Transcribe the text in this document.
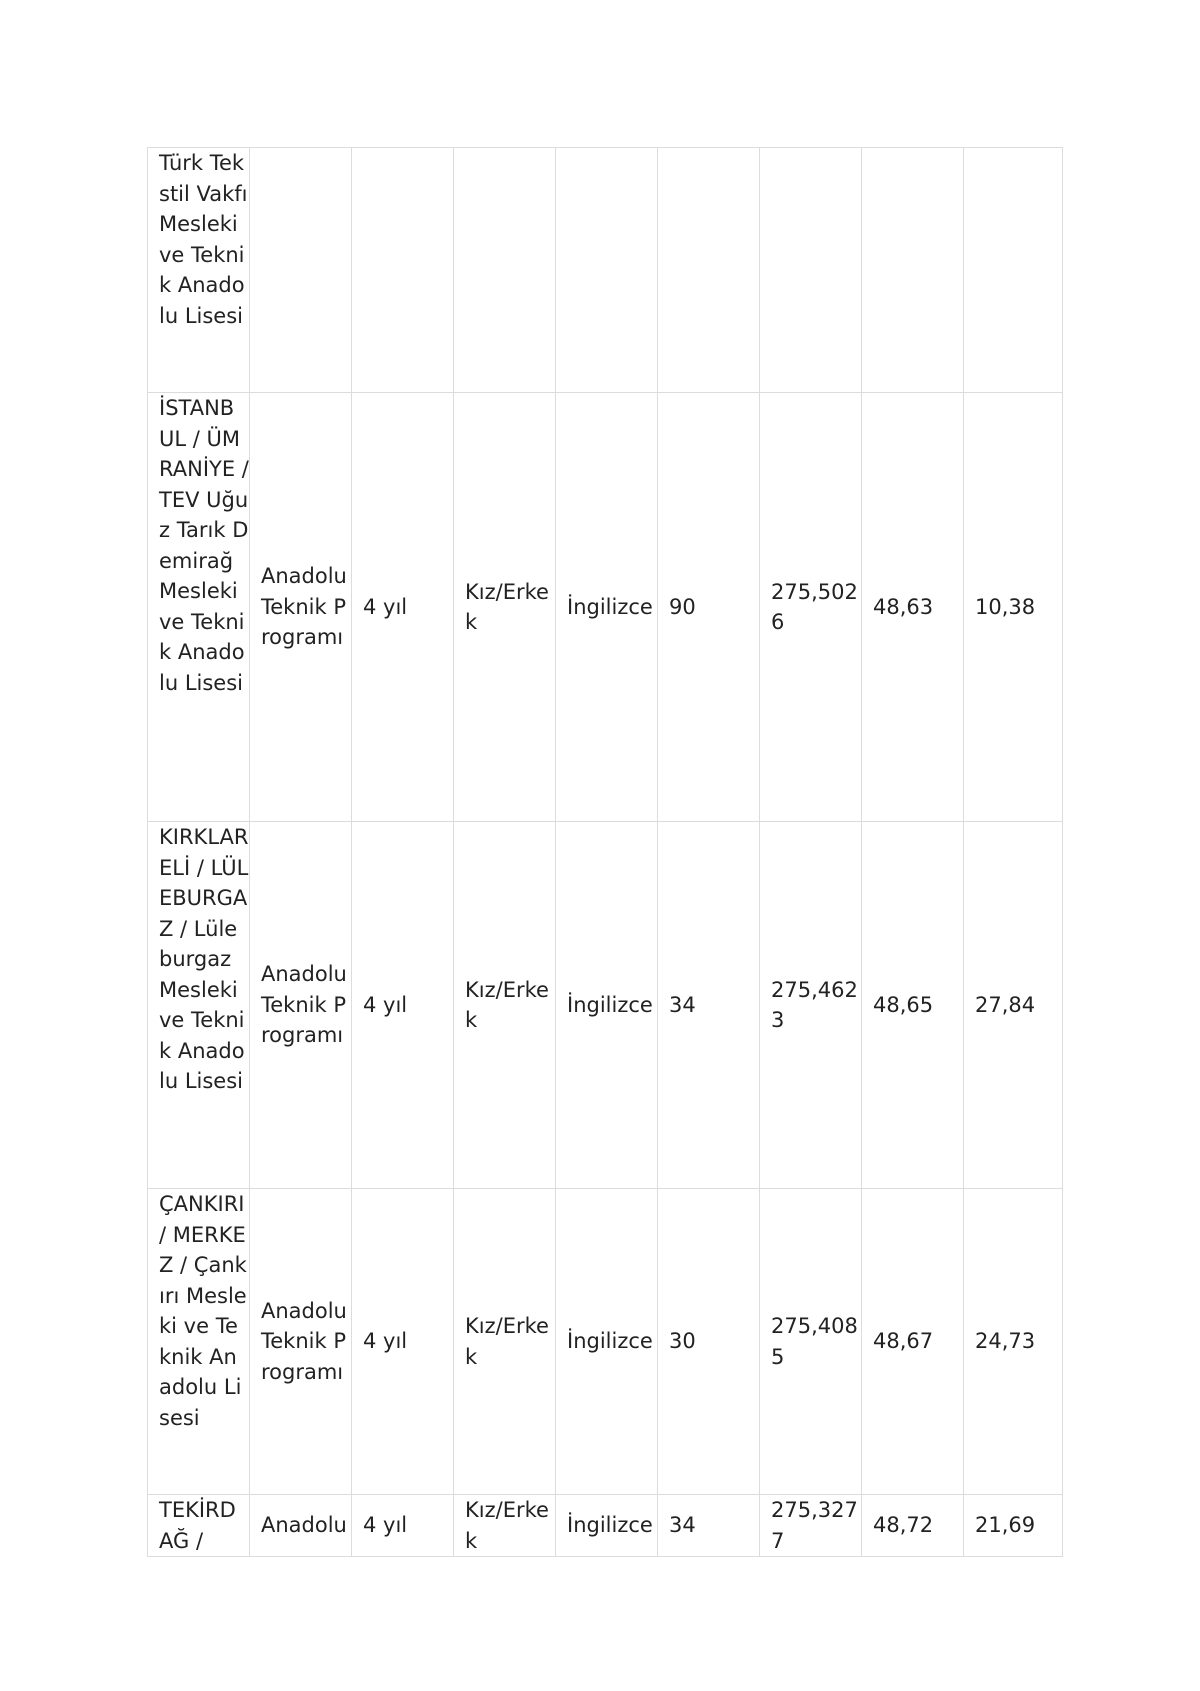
Türk Tekstil Vakfı Mesleki ve Teknik Anadolu Lisesi								
İSTANBUL / ÜMRANİYE / TEV Uğuz Tarık Demirağ Mesleki ve Teknik Anadolu Lisesi	Anadolu Teknik Programı	4 yıl	Kız/Erkek	İngilizce	90	275,5026	48,63	10,38
KIRKLARELİ / LÜLEBURGAZ / Lüleburgaz Mesleki ve Teknik Anadolu Lisesi	Anadolu Teknik Programı	4 yıl	Kız/Erkek	İngilizce	34	275,4623	48,65	27,84
ÇANKIRI / MERKEZ / Çankırı Mesleki ve Teknik Anadolu Lisesi	Anadolu Teknik Programı	4 yıl	Kız/Erkek	İngilizce	30	275,4085	48,67	24,73
TEKİRDAĞ /	Anadolu	4 yıl	Kız/Erkek	İngilizce	34	275,3277	48,72	21,69
